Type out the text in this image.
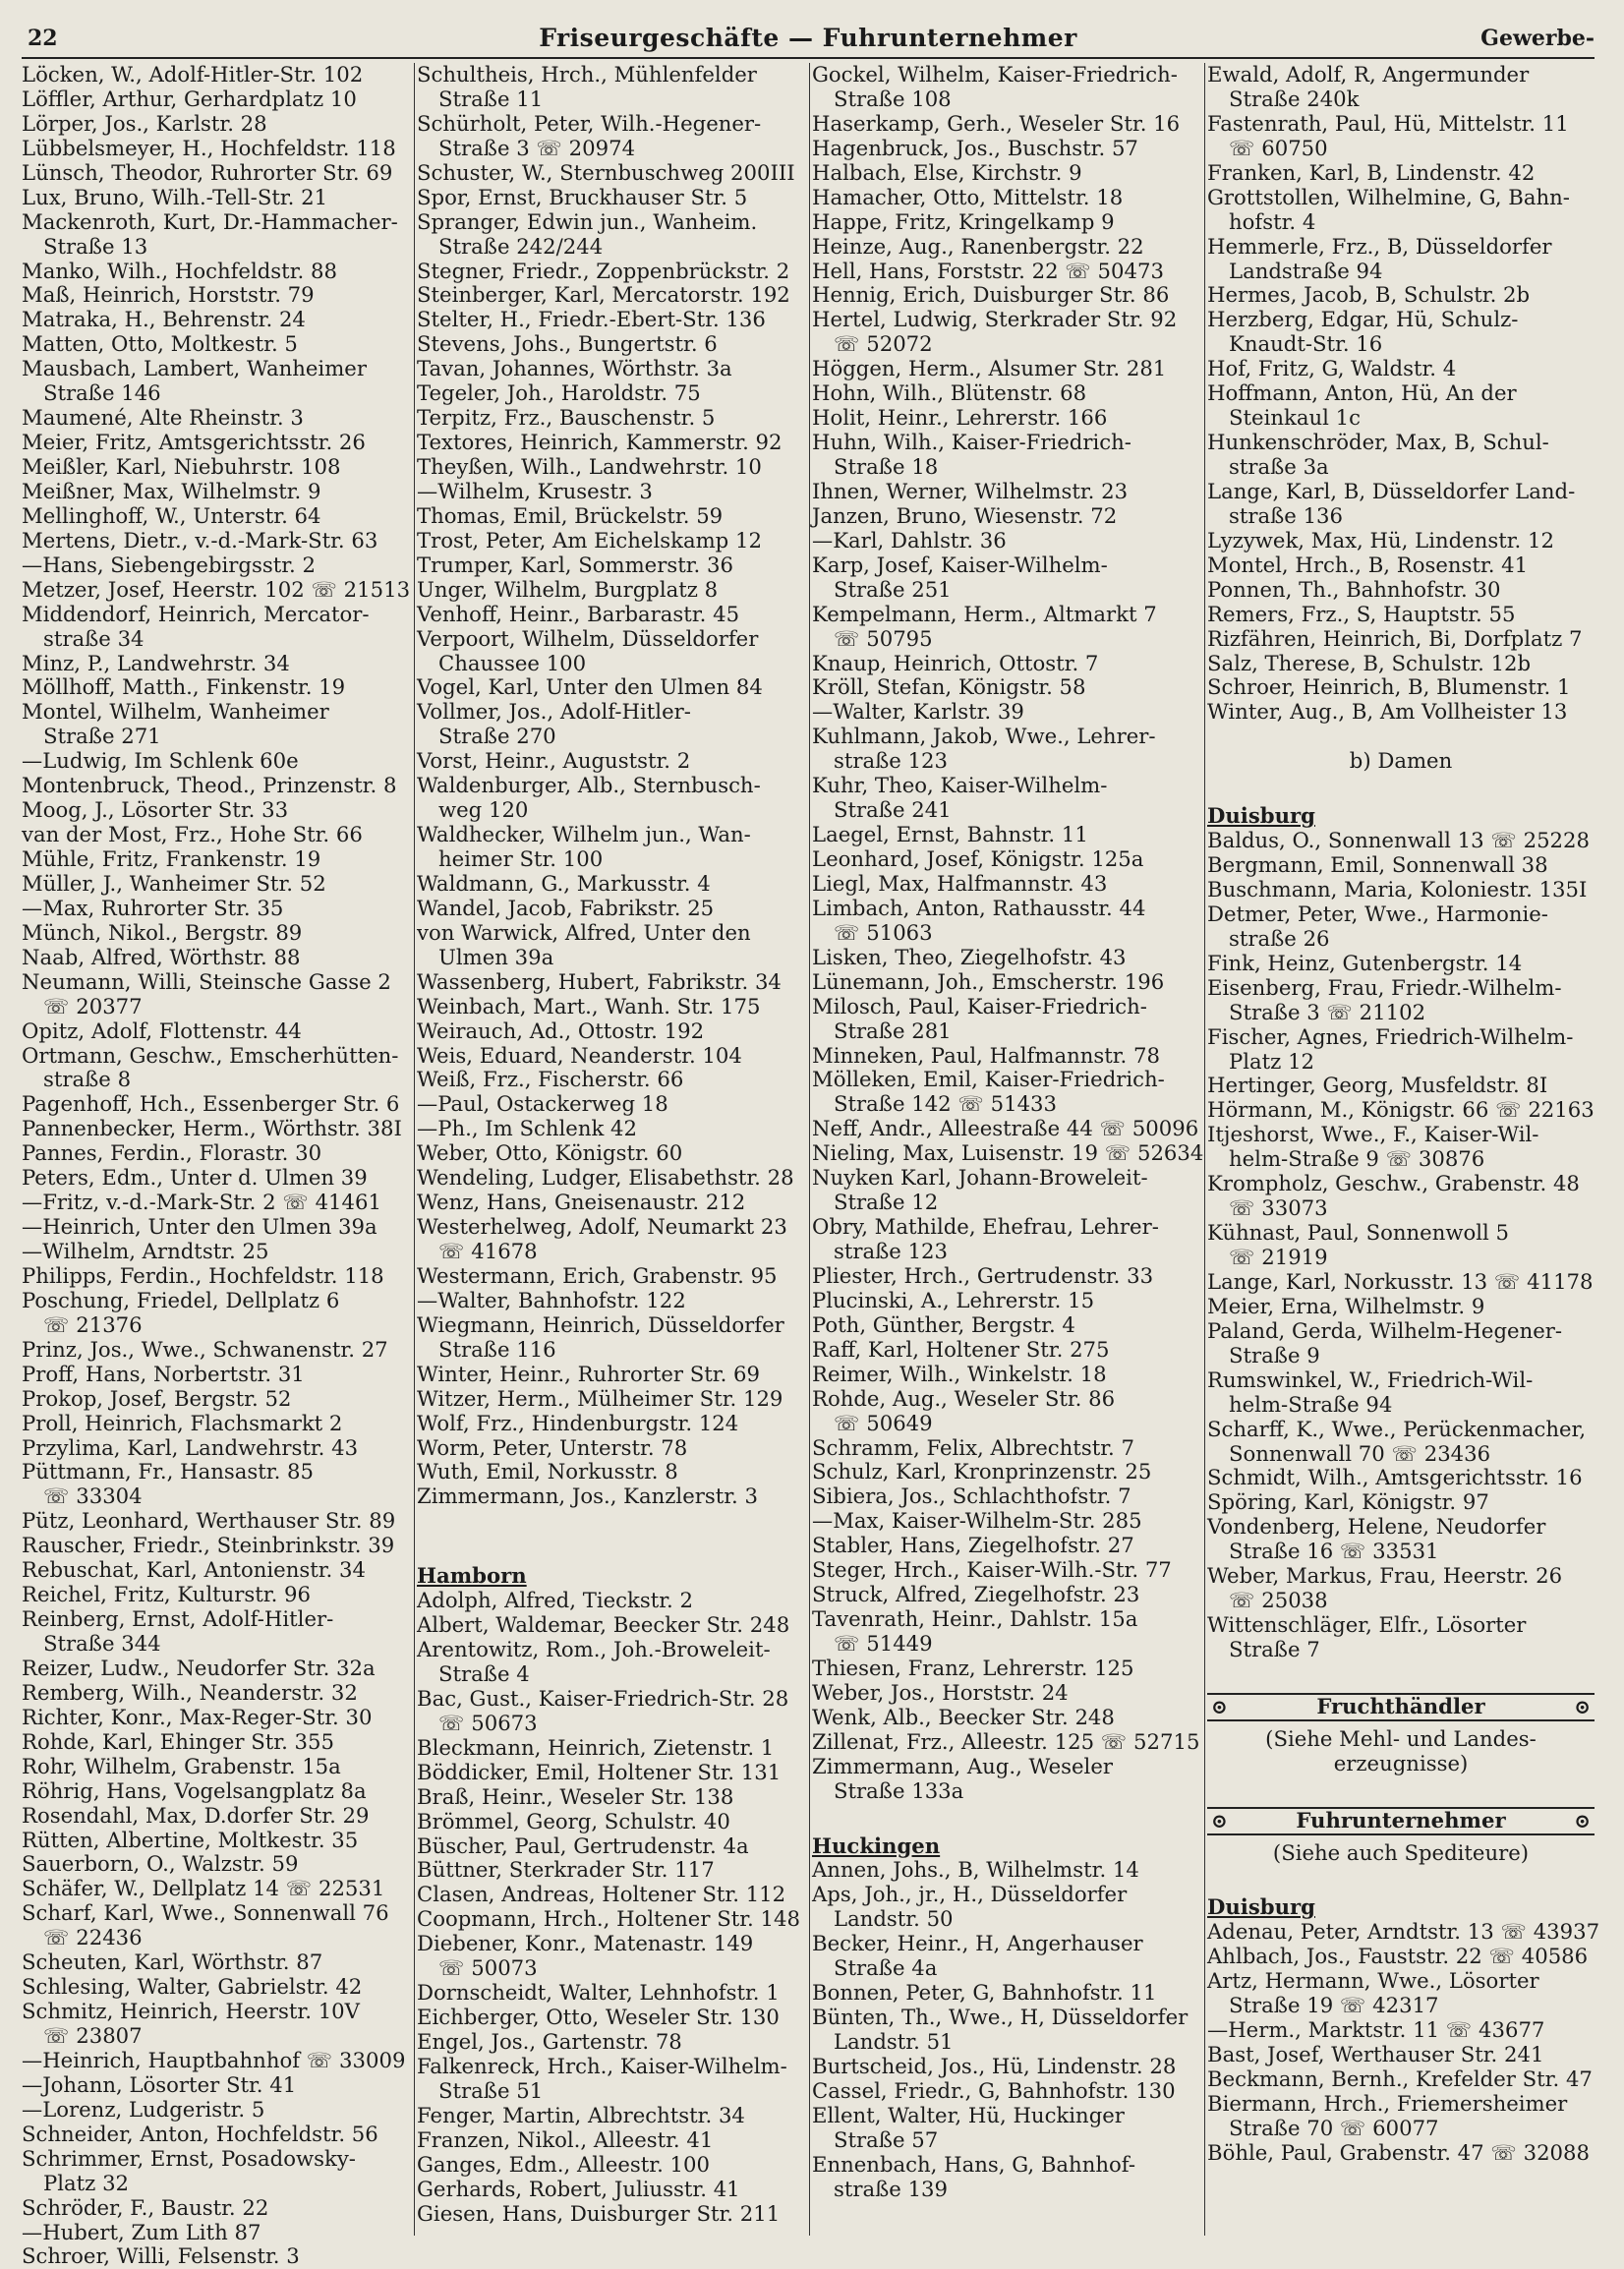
22	Friseurgeschäfte — Fuhrunternehmer	Gewerbe-
Löcken, W., Adolf-Hitler-Str. 102
Löffler, Arthur, Gerhardplatz 10
Lörper, Jos., Karlstr. 28
Lübbelsmeyer, H., Hochfeldstr. 118
Lünsch, Theodor, Ruhrorter Str. 69
Lux, Bruno, Wilh.-Tell-Str. 21
Mackenroth, Kurt, Dr.-Hammacher-
Straße 13
Manko, Wilh., Hochfeldstr. 88
Maß, Heinrich, Horststr. 79
Matraka, H., Behrenstr. 24
Matten, Otto, Moltkestr. 5
Mausbach, Lambert, Wanheimer
Straße 146
Maumené, Alte Rheinstr. 3
Meier, Fritz, Amtsgerichtsstr. 26
Meißler, Karl, Niebuhrstr. 108
Meißner, Max, Wilhelmstr. 9
Mellinghoff, W., Unterstr. 64
Mertens, Dietr., v.-d.-Mark-Str. 63
—Hans, Siebengebirgsstr. 2
Metzer, Josef, Heerstr. 102 ☏ 21513
Middendorf, Heinrich, Mercator-
straße 34
Minz, P., Landwehrstr. 34
Möllhoff, Matth., Finkenstr. 19
Montel, Wilhelm, Wanheimer
Straße 271
—Ludwig, Im Schlenk 60e
Montenbruck, Theod., Prinzenstr. 8
Moog, J., Lösorter Str. 33
van der Most, Frz., Hohe Str. 66
Mühle, Fritz, Frankenstr. 19
Müller, J., Wanheimer Str. 52
—Max, Ruhrorter Str. 35
Münch, Nikol., Bergstr. 89
Naab, Alfred, Wörthstr. 88
Neumann, Willi, Steinsche Gasse 2
☏ 20377
Opitz, Adolf, Flottenstr. 44
Ortmann, Geschw., Emscherhütten-
straße 8
Pagenhoff, Hch., Essenberger Str. 6
Pannenbecker, Herm., Wörthstr. 38I
Pannes, Ferdin., Florastr. 30
Peters, Edm., Unter d. Ulmen 39
—Fritz, v.-d.-Mark-Str. 2 ☏ 41461
—Heinrich, Unter den Ulmen 39a
—Wilhelm, Arndtstr. 25
Philipps, Ferdin., Hochfeldstr. 118
Poschung, Friedel, Dellplatz 6
☏ 21376
Prinz, Jos., Wwe., Schwanenstr. 27
Proff, Hans, Norbertstr. 31
Prokop, Josef, Bergstr. 52
Proll, Heinrich, Flachsmarkt 2
Przylima, Karl, Landwehrstr. 43
Püttmann, Fr., Hansastr. 85
☏ 33304
Pütz, Leonhard, Werthauser Str. 89
Rauscher, Friedr., Steinbrinkstr. 39
Rebuschat, Karl, Antonienstr. 34
Reichel, Fritz, Kulturstr. 96
Reinberg, Ernst, Adolf-Hitler-
Straße 344
Reizer, Ludw., Neudorfer Str. 32a
Remberg, Wilh., Neanderstr. 32
Richter, Konr., Max-Reger-Str. 30
Rohde, Karl, Ehinger Str. 355
Rohr, Wilhelm, Grabenstr. 15a
Röhrig, Hans, Vogelsangplatz 8a
Rosendahl, Max, D.dorfer Str. 29
Rütten, Albertine, Moltkestr. 35
Sauerborn, O., Walzstr. 59
Schäfer, W., Dellplatz 14 ☏ 22531
Scharf, Karl, Wwe., Sonnenwall 76
☏ 22436
Scheuten, Karl, Wörthstr. 87
Schlesing, Walter, Gabrielstr. 42
Schmitz, Heinrich, Heerstr. 10V
☏ 23807
—Heinrich, Hauptbahnhof ☏ 33009
—Johann, Lösorter Str. 41
—Lorenz, Ludgeristr. 5
Schneider, Anton, Hochfeldstr. 56
Schrimmer, Ernst, Posadowsky-
Platz 32
Schröder, F., Baustr. 22
—Hubert, Zum Lith 87
Schroer, Willi, Felsenstr. 3
Schultheis, Hrch., Mühlenfelder
Straße 11
Schürholt, Peter, Wilh.-Hegener-
Straße 3 ☏ 20974
Schuster, W., Sternbuschweg 200III
Spor, Ernst, Bruckhauser Str. 5
Spranger, Edwin jun., Wanheim.
Straße 242/244
Stegner, Friedr., Zoppenbrückstr. 2
Steinberger, Karl, Mercatorstr. 192
Stelter, H., Friedr.-Ebert-Str. 136
Stevens, Johs., Bungertstr. 6
Tavan, Johannes, Wörthstr. 3a
Tegeler, Joh., Haroldstr. 75
Terpitz, Frz., Bauschenstr. 5
Textores, Heinrich, Kammerstr. 92
Theyßen, Wilh., Landwehrstr. 10
—Wilhelm, Krusestr. 3
Thomas, Emil, Brückelstr. 59
Trost, Peter, Am Eichelskamp 12
Trumper, Karl, Sommerstr. 36
Unger, Wilhelm, Burgplatz 8
Venhoff, Heinr., Barbarastr. 45
Verpoort, Wilhelm, Düsseldorfer
Chaussee 100
Vogel, Karl, Unter den Ulmen 84
Vollmer, Jos., Adolf-Hitler-
Straße 270
Vorst, Heinr., Auguststr. 2
Waldenburger, Alb., Sternbusch-
weg 120
Waldhecker, Wilhelm jun., Wan-
heimer Str. 100
Waldmann, G., Markusstr. 4
Wandel, Jacob, Fabrikstr. 25
von Warwick, Alfred, Unter den
Ulmen 39a
Wassenberg, Hubert, Fabrikstr. 34
Weinbach, Mart., Wanh. Str. 175
Weirauch, Ad., Ottostr. 192
Weis, Eduard, Neanderstr. 104
Weiß, Frz., Fischerstr. 66
—Paul, Ostackerweg 18
—Ph., Im Schlenk 42
Weber, Otto, Königstr. 60
Wendeling, Ludger, Elisabethstr. 28
Wenz, Hans, Gneisenaustr. 212
Westerhelweg, Adolf, Neumarkt 23
☏ 41678
Westermann, Erich, Grabenstr. 95
—Walter, Bahnhofstr. 122
Wiegmann, Heinrich, Düsseldorfer
Straße 116
Winter, Heinr., Ruhrorter Str. 69
Witzer, Herm., Mülheimer Str. 129
Wolf, Frz., Hindenburgstr. 124
Worm, Peter, Unterstr. 78
Wuth, Emil, Norkusstr. 8
Zimmermann, Jos., Kanzlerstr. 3
Hamborn
Adolph, Alfred, Tieckstr. 2
Albert, Waldemar, Beecker Str. 248
Arentowitz, Rom., Joh.-Broweleit-
Straße 4
Bac, Gust., Kaiser-Friedrich-Str. 28
☏ 50673
Bleckmann, Heinrich, Zietenstr. 1
Böddicker, Emil, Holtener Str. 131
Braß, Heinr., Weseler Str. 138
Brömmel, Georg, Schulstr. 40
Büscher, Paul, Gertrudenstr. 4a
Büttner, Sterkrader Str. 117
Clasen, Andreas, Holtener Str. 112
Coopmann, Hrch., Holtener Str. 148
Diebener, Konr., Matenastr. 149
☏ 50073
Dornscheidt, Walter, Lehnhofstr. 1
Eichberger, Otto, Weseler Str. 130
Engel, Jos., Gartenstr. 78
Falkenreck, Hrch., Kaiser-Wilhelm-
Straße 51
Fenger, Martin, Albrechtstr. 34
Franzen, Nikol., Alleestr. 41
Ganges, Edm., Alleestr. 100
Gerhards, Robert, Juliusstr. 41
Giesen, Hans, Duisburger Str. 211
Gockel, Wilhelm, Kaiser-Friedrich-
Straße 108
Haserkamp, Gerh., Weseler Str. 16
Hagenbruck, Jos., Buschstr. 57
Halbach, Else, Kirchstr. 9
Hamacher, Otto, Mittelstr. 18
Happe, Fritz, Kringelkamp 9
Heinze, Aug., Ranenbergstr. 22
Hell, Hans, Forststr. 22 ☏ 50473
Hennig, Erich, Duisburger Str. 86
Hertel, Ludwig, Sterkrader Str. 92
☏ 52072
Höggen, Herm., Alsumer Str. 281
Hohn, Wilh., Blütenstr. 68
Holit, Heinr., Lehrerstr. 166
Huhn, Wilh., Kaiser-Friedrich-
Straße 18
Ihnen, Werner, Wilhelmstr. 23
Janzen, Bruno, Wiesenstr. 72
—Karl, Dahlstr. 36
Karp, Josef, Kaiser-Wilhelm-
Straße 251
Kempelmann, Herm., Altmarkt 7
☏ 50795
Knaup, Heinrich, Ottostr. 7
Kröll, Stefan, Königstr. 58
—Walter, Karlstr. 39
Kuhlmann, Jakob, Wwe., Lehrer-
straße 123
Kuhr, Theo, Kaiser-Wilhelm-
Straße 241
Laegel, Ernst, Bahnstr. 11
Leonhard, Josef, Königstr. 125a
Liegl, Max, Halfmannstr. 43
Limbach, Anton, Rathausstr. 44
☏ 51063
Lisken, Theo, Ziegelhofstr. 43
Lünemann, Joh., Emscherstr. 196
Milosch, Paul, Kaiser-Friedrich-
Straße 281
Minneken, Paul, Halfmannstr. 78
Mölleken, Emil, Kaiser-Friedrich-
Straße 142 ☏ 51433
Neff, Andr., Alleestraße 44 ☏ 50096
Nieling, Max, Luisenstr. 19 ☏ 52634
Nuyken Karl, Johann-Broweleit-
Straße 12
Obry, Mathilde, Ehefrau, Lehrer-
straße 123
Pliester, Hrch., Gertrudenstr. 33
Plucinski, A., Lehrerstr. 15
Poth, Günther, Bergstr. 4
Raff, Karl, Holtener Str. 275
Reimer, Wilh., Winkelstr. 18
Rohde, Aug., Weseler Str. 86
☏ 50649
Schramm, Felix, Albrechtstr. 7
Schulz, Karl, Kronprinzenstr. 25
Sibiera, Jos., Schlachthofstr. 7
—Max, Kaiser-Wilhelm-Str. 285
Stabler, Hans, Ziegelhofstr. 27
Steger, Hrch., Kaiser-Wilh.-Str. 77
Struck, Alfred, Ziegelhofstr. 23
Tavenrath, Heinr., Dahlstr. 15a
☏ 51449
Thiesen, Franz, Lehrerstr. 125
Weber, Jos., Horststr. 24
Wenk, Alb., Beecker Str. 248
Zillenat, Frz., Alleestr. 125 ☏ 52715
Zimmermann, Aug., Weseler
Straße 133a
Huckingen
Annen, Johs., B, Wilhelmstr. 14
Aps, Joh., jr., H., Düsseldorfer
Landstr. 50
Becker, Heinr., H, Angerhauser
Straße 4a
Bonnen, Peter, G, Bahnhofstr. 11
Bünten, Th., Wwe., H, Düsseldorfer
Landstr. 51
Burtscheid, Jos., Hü, Lindenstr. 28
Cassel, Friedr., G, Bahnhofstr. 130
Ellent, Walter, Hü, Huckinger
Straße 57
Ennenbach, Hans, G, Bahnhof-
straße 139
Ewald, Adolf, R, Angermunder
Straße 240k
Fastenrath, Paul, Hü, Mittelstr. 11
☏ 60750
Franken, Karl, B, Lindenstr. 42
Grottstollen, Wilhelmine, G, Bahn-
hofstr. 4
Hemmerle, Frz., B, Düsseldorfer
Landstraße 94
Hermes, Jacob, B, Schulstr. 2b
Herzberg, Edgar, Hü, Schulz-
Knaudt-Str. 16
Hof, Fritz, G, Waldstr. 4
Hoffmann, Anton, Hü, An der
Steinkaul 1c
Hunkenschröder, Max, B, Schul-
straße 3a
Lange, Karl, B, Düsseldorfer Land-
straße 136
Lyzywek, Max, Hü, Lindenstr. 12
Montel, Hrch., B, Rosenstr. 41
Ponnen, Th., Bahnhofstr. 30
Remers, Frz., S, Hauptstr. 55
Rizfähren, Heinrich, Bi, Dorfplatz 7
Salz, Therese, B, Schulstr. 12b
Schroer, Heinrich, B, Blumenstr. 1
Winter, Aug., B, Am Vollheister 13
b) Damen
Duisburg
Baldus, O., Sonnenwall 13 ☏ 25228
Bergmann, Emil, Sonnenwall 38
Buschmann, Maria, Koloniestr. 135I
Detmer, Peter, Wwe., Harmonie-
straße 26
Fink, Heinz, Gutenbergstr. 14
Eisenberg, Frau, Friedr.-Wilhelm-
Straße 3 ☏ 21102
Fischer, Agnes, Friedrich-Wilhelm-
Platz 12
Hertinger, Georg, Musfeldstr. 8I
Hörmann, M., Königstr. 66 ☏ 22163
Itjeshorst, Wwe., F., Kaiser-Wil-
helm-Straße 9 ☏ 30876
Krompholz, Geschw., Grabenstr. 48
☏ 33073
Kühnast, Paul, Sonnenwoll 5
☏ 21919
Lange, Karl, Norkusstr. 13 ☏ 41178
Meier, Erna, Wilhelmstr. 9
Paland, Gerda, Wilhelm-Hegener-
Straße 9
Rumswinkel, W., Friedrich-Wil-
helm-Straße 94
Scharff, K., Wwe., Perückenmacher,
Sonnenwall 70 ☏ 23436
Schmidt, Wilh., Amtsgerichtsstr. 16
Spöring, Karl, Königstr. 97
Vondenberg, Helene, Neudorfer
Straße 16 ☏ 33531
Weber, Markus, Frau, Heerstr. 26
☏ 25038
Wittenschläger, Elfr., Lösorter
Straße 7
⊙	Fruchthändler	⊙
(Siehe Mehl- und Landes-
erzeugnisse)
⊙	Fuhrunternehmer	⊙
(Siehe auch Spediteure)
Duisburg
Adenau, Peter, Arndtstr. 13 ☏ 43937
Ahlbach, Jos., Fauststr. 22 ☏ 40586
Artz, Hermann, Wwe., Lösorter
Straße 19 ☏ 42317
—Herm., Marktstr. 11 ☏ 43677
Bast, Josef, Werthauser Str. 241
Beckmann, Bernh., Krefelder Str. 47
Biermann, Hrch., Friemersheimer
Straße 70 ☏ 60077
Böhle, Paul, Grabenstr. 47 ☏ 32088
